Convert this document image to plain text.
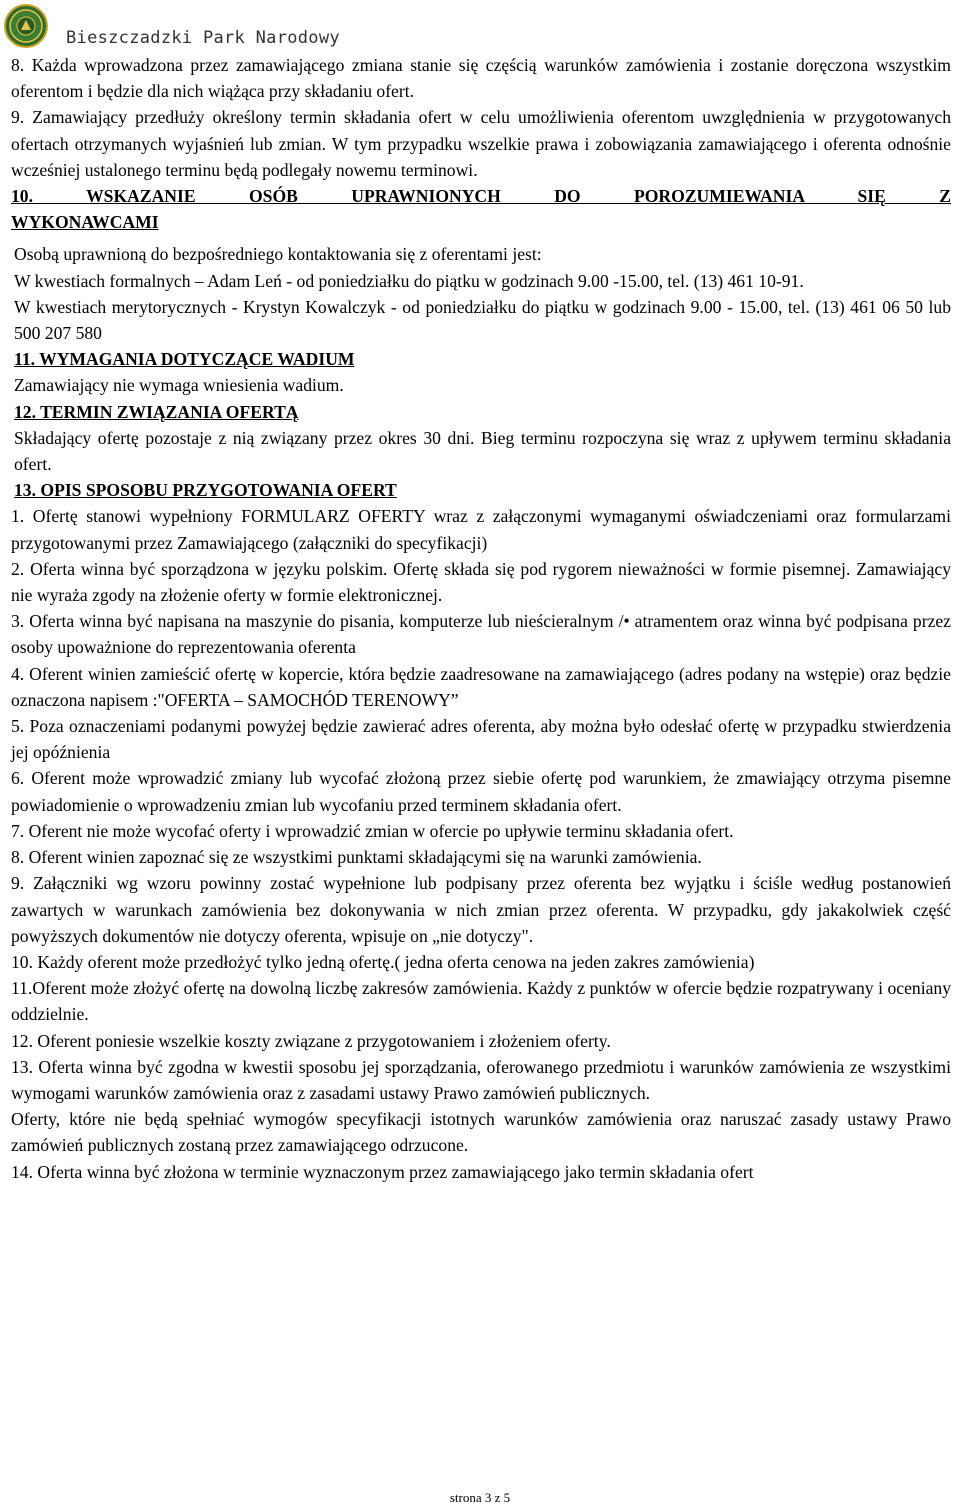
Bieszczadzki Park Narodowy

8. Każda wprowadzona przez zamawiającego zmiana stanie się częścią warunków zamówienia i zostanie doręczona wszystkim oferentom i będzie dla nich wiążąca przy składaniu ofert.

9. Zamawiający przedłuży określony termin składania ofert w celu umożliwienia oferentom uwzględnienia w przygotowanych ofertach otrzymanych wyjaśnień lub zmian. W tym przypadku wszelkie prawa i zobowiązania zamawiającego i oferenta odnośnie wcześniej ustalonego terminu będą podlegały nowemu terminowi.

10. WSKAZANIE OSÓB UPRAWNIONYCH DO POROZUMIEWANIA SIĘ Z

WYKONAWCAMI

Osobą uprawnioną do bezpośredniego kontaktowania się z oferentami jest:

W kwestiach formalnych – Adam Leń - od poniedziałku do piątku w godzinach 9.00 -15.00, tel. (13) 461 10-91.

W kwestiach merytorycznych - Krystyn Kowalczyk - od poniedziałku do piątku w godzinach 9.00 - 15.00, tel. (13) 461 06 50 lub 500 207 580

11. WYMAGANIA DOTYCZĄCE WADIUM

Zamawiający nie wymaga wniesienia wadium.

12. TERMIN ZWIĄZANIA OFERTĄ

Składający ofertę pozostaje z nią związany przez okres 30 dni. Bieg terminu rozpoczyna się wraz z upływem terminu składania ofert.

13. OPIS SPOSOBU PRZYGOTOWANIA OFERT

1. Ofertę stanowi wypełniony FORMULARZ OFERTY wraz z załączonymi wymaganymi oświadczeniami oraz formularzami przygotowanymi przez Zamawiającego (załączniki do specyfikacji)

2. Oferta winna być sporządzona w języku polskim. Ofertę składa się pod rygorem nieważności w formie pisemnej. Zamawiający nie wyraża zgody na złożenie oferty w formie elektronicznej.

3. Oferta winna być napisana na maszynie do pisania, komputerze lub nieścieralnym /• atramentem oraz winna być podpisana przez osoby upoważnione do reprezentowania oferenta

4. Oferent winien zamieścić ofertę w kopercie, która będzie zaadresowane na zamawiającego (adres podany na wstępie) oraz będzie oznaczona napisem :"OFERTA – SAMOCHÓD TERENOWY”

5. Poza oznaczeniami podanymi powyżej będzie zawierać adres oferenta, aby można było odesłać ofertę w przypadku stwierdzenia jej opóźnienia

6. Oferent może wprowadzić zmiany lub wycofać złożoną przez siebie ofertę pod warunkiem, że zmawiający otrzyma pisemne powiadomienie o wprowadzeniu zmian lub wycofaniu przed terminem składania ofert.

7. Oferent nie może wycofać oferty i wprowadzić zmian w ofercie po upływie terminu składania ofert.

8. Oferent winien zapoznać się ze wszystkimi punktami składającymi się na warunki zamówienia.

9. Załączniki wg wzoru powinny zostać wypełnione lub podpisany przez oferenta bez wyjątku i ściśle według postanowień zawartych w warunkach zamówienia bez dokonywania w nich zmian przez oferenta. W przypadku, gdy jakakolwiek część powyższych dokumentów nie dotyczy oferenta, wpisuje on „nie dotyczy".

10. Każdy oferent może przedłożyć tylko jedną ofertę.( jedna oferta cenowa na jeden zakres zamówienia)

11.Oferent może złożyć ofertę na dowolną liczbę zakresów zamówienia. Każdy z punktów w ofercie będzie rozpatrywany i oceniany oddzielnie.

12. Oferent poniesie wszelkie koszty związane z przygotowaniem i złożeniem oferty.

13. Oferta winna być zgodna w kwestii sposobu jej sporządzania, oferowanego przedmiotu i warunków zamówienia ze wszystkimi wymogami warunków zamówienia oraz z zasadami ustawy Prawo zamówień publicznych.

Oferty, które nie będą spełniać wymogów specyfikacji istotnych warunków zamówienia oraz naruszać zasady ustawy Prawo zamówień publicznych zostaną przez zamawiającego odrzucone.

14. Oferta winna być złożona w terminie wyznaczonym przez zamawiającego jako termin składania ofert

strona 3 z 5
